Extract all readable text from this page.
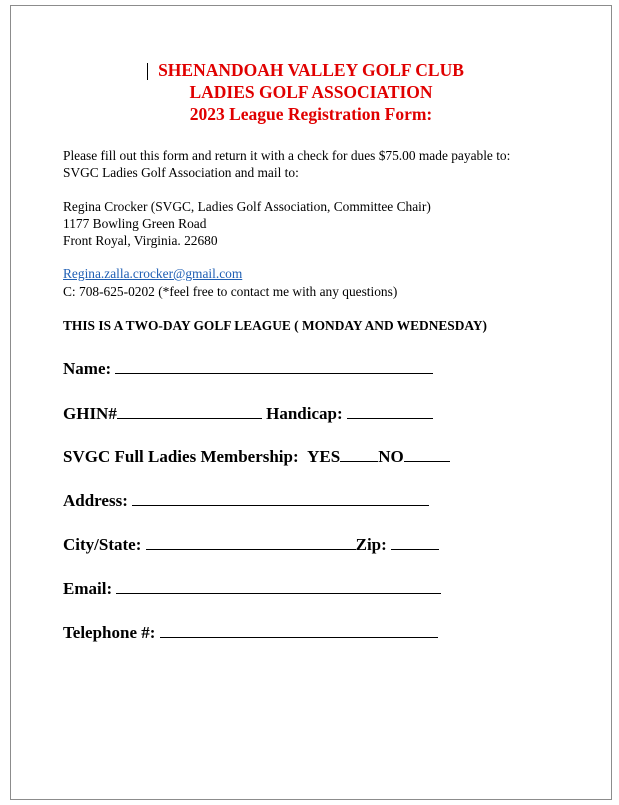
SHENANDOAH VALLEY GOLF CLUB
LADIES GOLF ASSOCIATION
2023 League Registration Form:
Please fill out this form and return it with a check for dues $75.00 made payable to:
SVGC Ladies Golf Association and mail to:
Regina Crocker (SVGC, Ladies Golf Association, Committee Chair)
1177 Bowling Green Road
Front Royal, Virginia. 22680
Regina.zalla.crocker@gmail.com
C: 708-625-0202 (*feel free to contact me with any questions)
THIS IS A TWO-DAY GOLF LEAGUE ( MONDAY AND WEDNESDAY)
Name:
GHIN#	Handicap:
SVGC Full Ladies Membership: YES NO
Address:
City/State:	Zip:
Email:
Telephone #:
